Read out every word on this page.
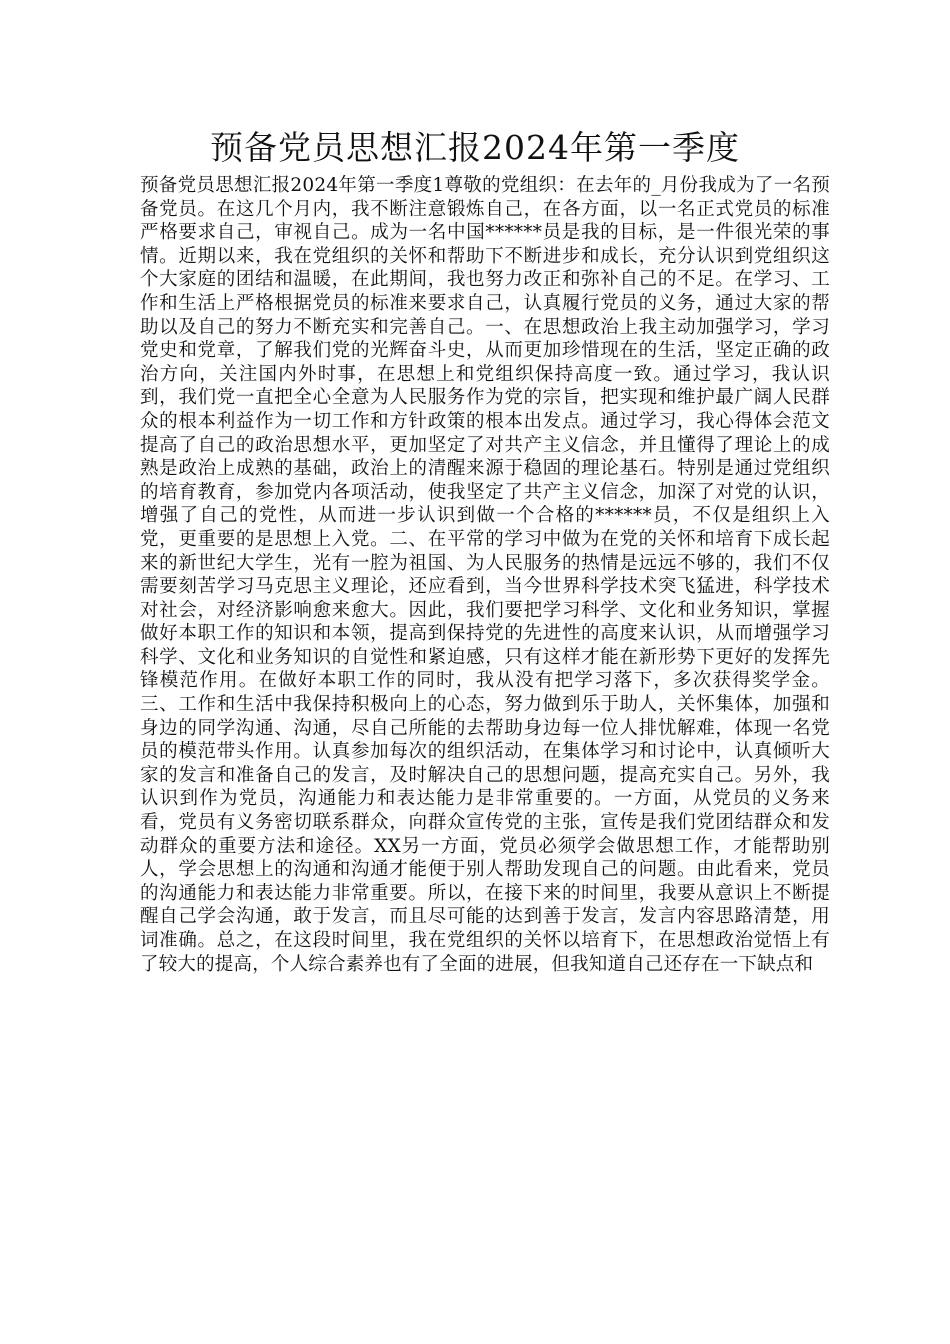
预备党员思想汇报2024年第一季度

预备党员思想汇报2024年第一季度1尊敬的党组织：在去年的_月份我成为了一名预备党员。在这几个月内，我不断注意锻炼自己，在各方面，以一名正式党员的标准严格要求自己，审视自己。成为一名中国******员是我的目标，是一件很光荣的事情。近期以来，我在党组织的关怀和帮助下不断进步和成长，充分认识到党组织这个大家庭的团结和温暖，在此期间，我也努力改正和弥补自己的不足。在学习、工作和生活上严格根据党员的标准来要求自己，认真履行党员的义务，通过大家的帮助以及自己的努力不断充实和完善自己。一、在思想政治上我主动加强学习，学习党史和党章，了解我们党的光辉奋斗史，从而更加珍惜现在的生活，坚定正确的政治方向，关注国内外时事，在思想上和党组织保持高度一致。通过学习，我认识到，我们党一直把全心全意为人民服务作为党的宗旨，把实现和维护最广阔人民群众的根本利益作为一切工作和方针政策的根本出发点。通过学习，我心得体会范文提高了自己的政治思想水平，更加坚定了对共产主义信念，并且懂得了理论上的成熟是政治上成熟的基础，政治上的清醒来源于稳固的理论基石。特别是通过党组织的培育教育，参加党内各项活动，使我坚定了共产主义信念，加深了对党的认识，增强了自己的党性，从而进一步认识到做一个合格的******员，不仅是组织上入党，更重要的是思想上入党。二、在平常的学习中做为在党的关怀和培育下成长起来的新世纪大学生，光有一腔为祖国、为人民服务的热情是远远不够的，我们不仅需要刻苦学习马克思主义理论，还应看到，当今世界科学技术突飞猛进，科学技术对社会，对经济影响愈来愈大。因此，我们要把学习科学、文化和业务知识，掌握做好本职工作的知识和本领，提高到保持党的先进性的高度来认识，从而增强学习科学、文化和业务知识的自觉性和紧迫感，只有这样才能在新形势下更好的发挥先锋模范作用。在做好本职工作的同时，我从没有把学习落下，多次获得奖学金。三、工作和生活中我保持积极向上的心态，努力做到乐于助人，关怀集体，加强和身边的同学沟通、沟通，尽自己所能的去帮助身边每一位人排忧解难，体现一名党员的模范带头作用。认真参加每次的组织活动，在集体学习和讨论中，认真倾听大家的发言和准备自己的发言，及时解决自己的思想问题，提高充实自己。另外，我认识到作为党员，沟通能力和表达能力是非常重要的。一方面，从党员的义务来看，党员有义务密切联系群众，向群众宣传党的主张，宣传是我们党团结群众和发动群众的重要方法和途径。XX另一方面，党员必须学会做思想工作，才能帮助别人，学会思想上的沟通和沟通才能便于别人帮助发现自己的问题。由此看来，党员的沟通能力和表达能力非常重要。所以，在接下来的时间里，我要从意识上不断提醒自己学会沟通，敢于发言，而且尽可能的达到善于发言，发言内容思路清楚，用词准确。总之，在这段时间里，我在党组织的关怀以培育下，在思想政治觉悟上有了较大的提高，个人综合素养也有了全面的进展，但我知道自己还存在一下缺点和
